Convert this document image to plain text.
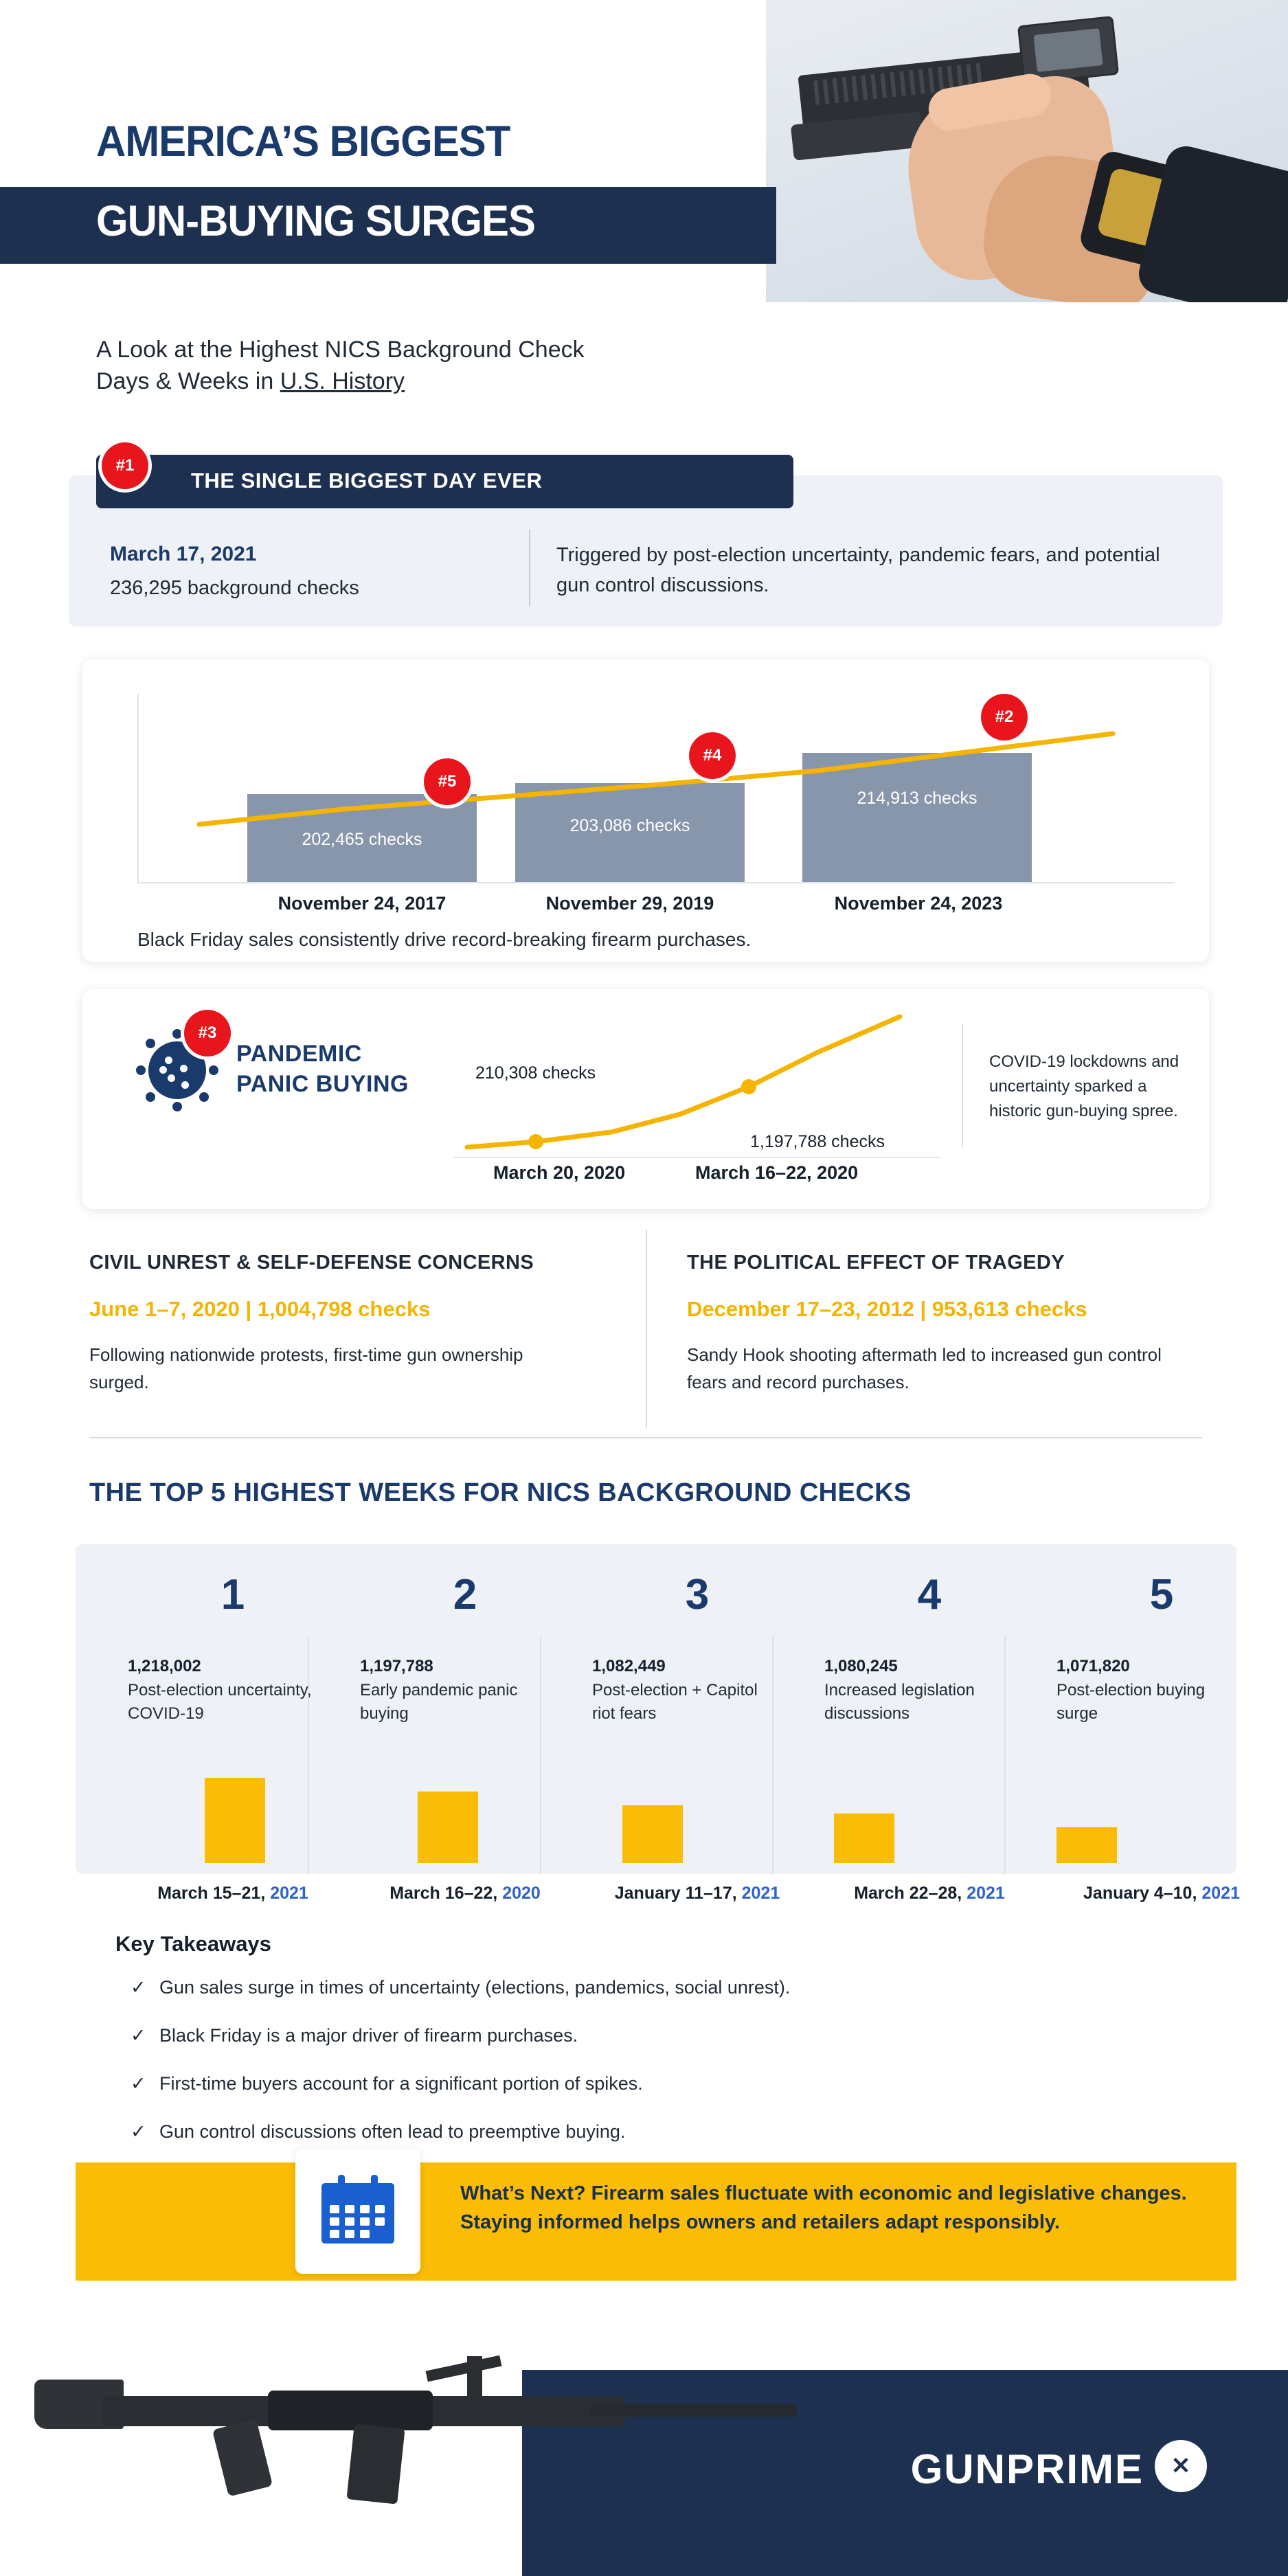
AMERICA’S BIGGEST
GUN-BUYING SURGES
A Look at the Highest NICS Background Check
Days & Weeks in U.S. History
#1
THE SINGLE BIGGEST DAY EVER
March 17, 2021
236,295 background checks
Triggered by post-election uncertainty, pandemic fears, and potential gun control discussions.
202,465 checks
203,086 checks
214,913 checks
#5
#4
#2
November 24, 2017	November 29, 2019	November 24, 2023
Black Friday sales consistently drive record-breaking firearm purchases.
#3
PANDEMIC
PANIC BUYING	210,308 checks
1,197,788 checks
March 20, 2020	March 16–22, 2020
COVID-19 lockdowns and uncertainty sparked a historic gun-buying spree.
CIVIL UNREST & SELF-DEFENSE CONCERNS
June 1–7, 2020 | 1,004,798 checks
Following nationwide protests, first-time gun ownership surged.
THE POLITICAL EFFECT OF TRAGEDY
December 17–23, 2012 | 953,613 checks
Sandy Hook shooting aftermath led to increased gun control fears and record purchases.
THE TOP 5 HIGHEST WEEKS FOR NICS BACKGROUND CHECKS
1
1,218,002
Post-election uncertainty, COVID-19
March 15–21, 2021
2
1,197,788
Early pandemic panic buying
March 16–22, 2020
3
1,082,449
Post-election + Capitol riot fears
January 11–17, 2021
4
1,080,245
Increased legislation discussions
March 22–28, 2021
5
1,071,820
Post-election buying surge
January 4–10, 2021
Key Takeaways
✓ Gun sales surge in times of uncertainty (elections, pandemics, social unrest).
✓ Black Friday is a major driver of firearm purchases.
✓ First-time buyers account for a significant portion of spikes.
✓ Gun control discussions often lead to preemptive buying.
What’s Next? Firearm sales fluctuate with economic and legislative changes. Staying informed helps owners and retailers adapt responsibly.
GUNPRIME ✕
